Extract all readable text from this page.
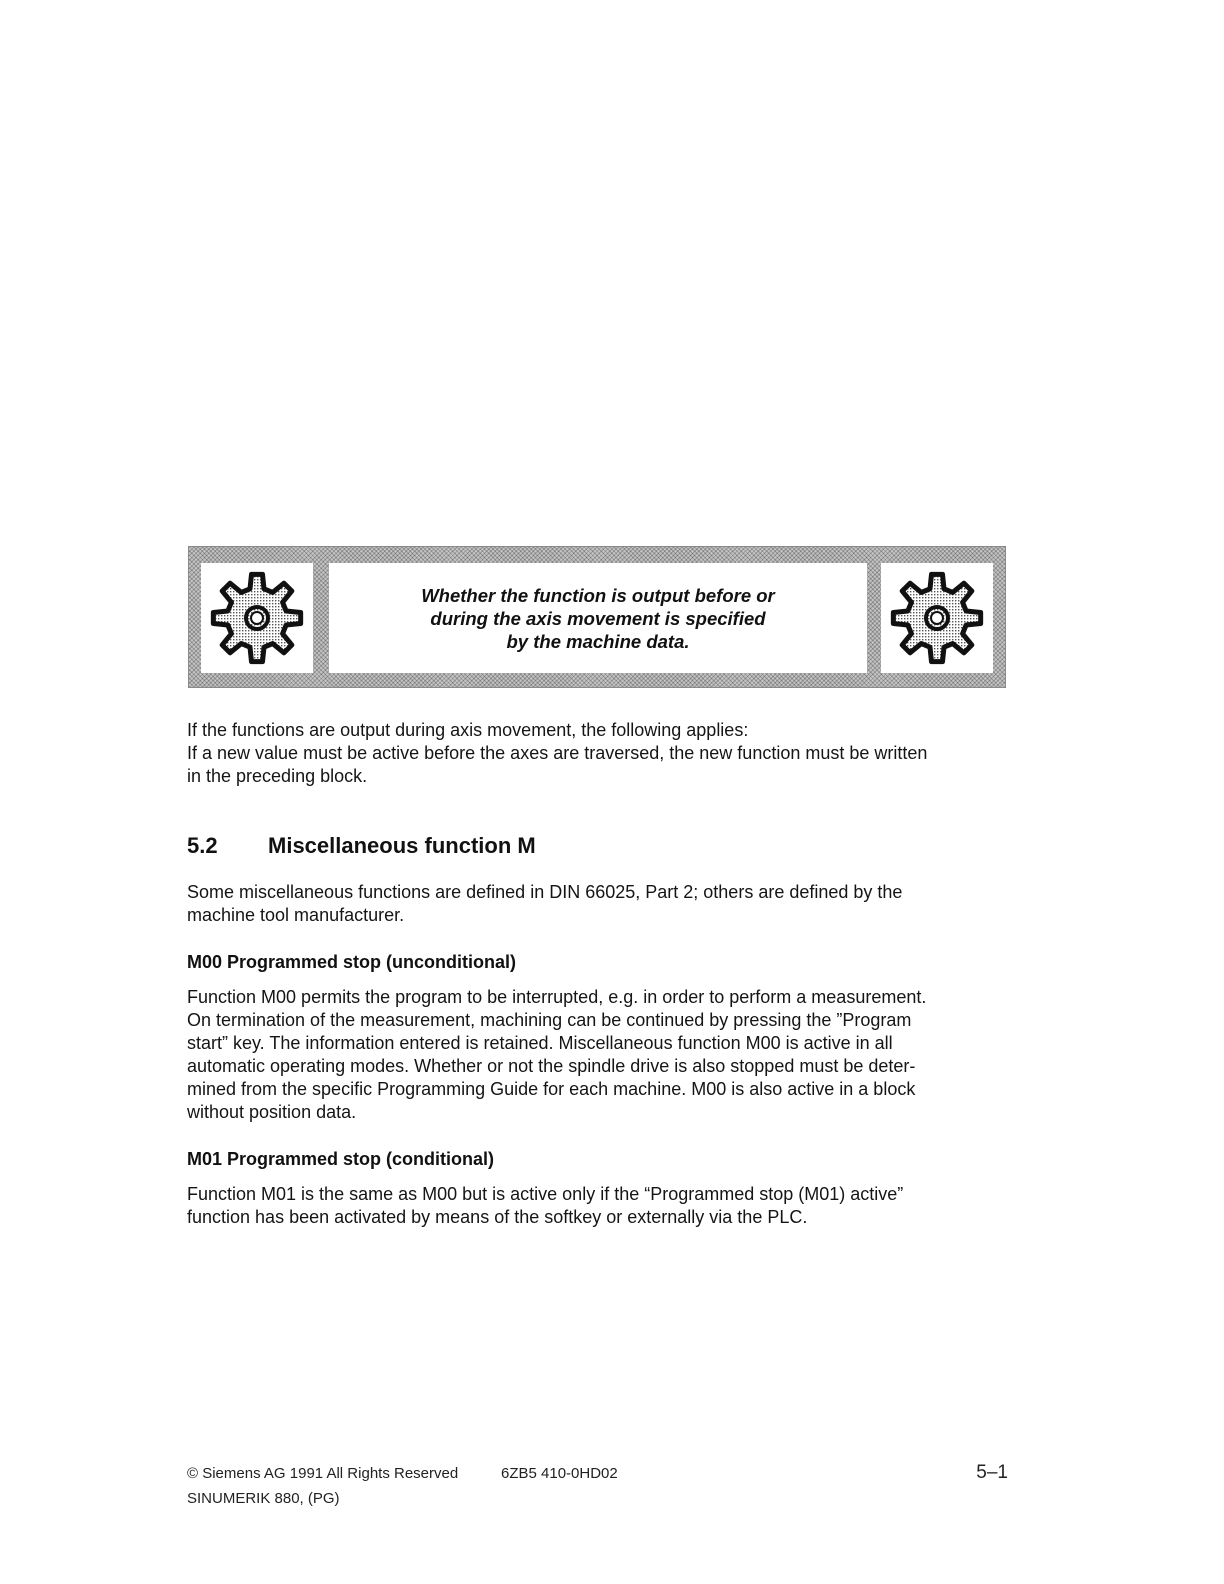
Whether the function is output before or
during the axis movement is specified
by the machine data.

If the functions are output during axis movement, the following applies:
If a new value must be active before the axes are traversed, the new function must be written
in the preceding block.

5.2 Miscellaneous function M

Some miscellaneous functions are defined in DIN 66025, Part 2; others are defined by the
machine tool manufacturer.

M00 Programmed stop (unconditional)

Function M00 permits the program to be interrupted, e.g. in order to perform a measurement.
On termination of the measurement, machining can be continued by pressing the ”Program
start” key. The information entered is retained. Miscellaneous function M00 is active in all
automatic operating modes. Whether or not the spindle drive is also stopped must be deter-
mined from the specific Programming Guide for each machine. M00 is also active in a block
without position data.

M01 Programmed stop (conditional)

Function M01 is the same as M00 but is active only if the “Programmed stop (M01) active”
function has been activated by means of the softkey or externally via the PLC.

© Siemens AG 1991 All Rights Reserved	6ZB5 410-0HD02
SINUMERIK 880, (PG)
5–1
